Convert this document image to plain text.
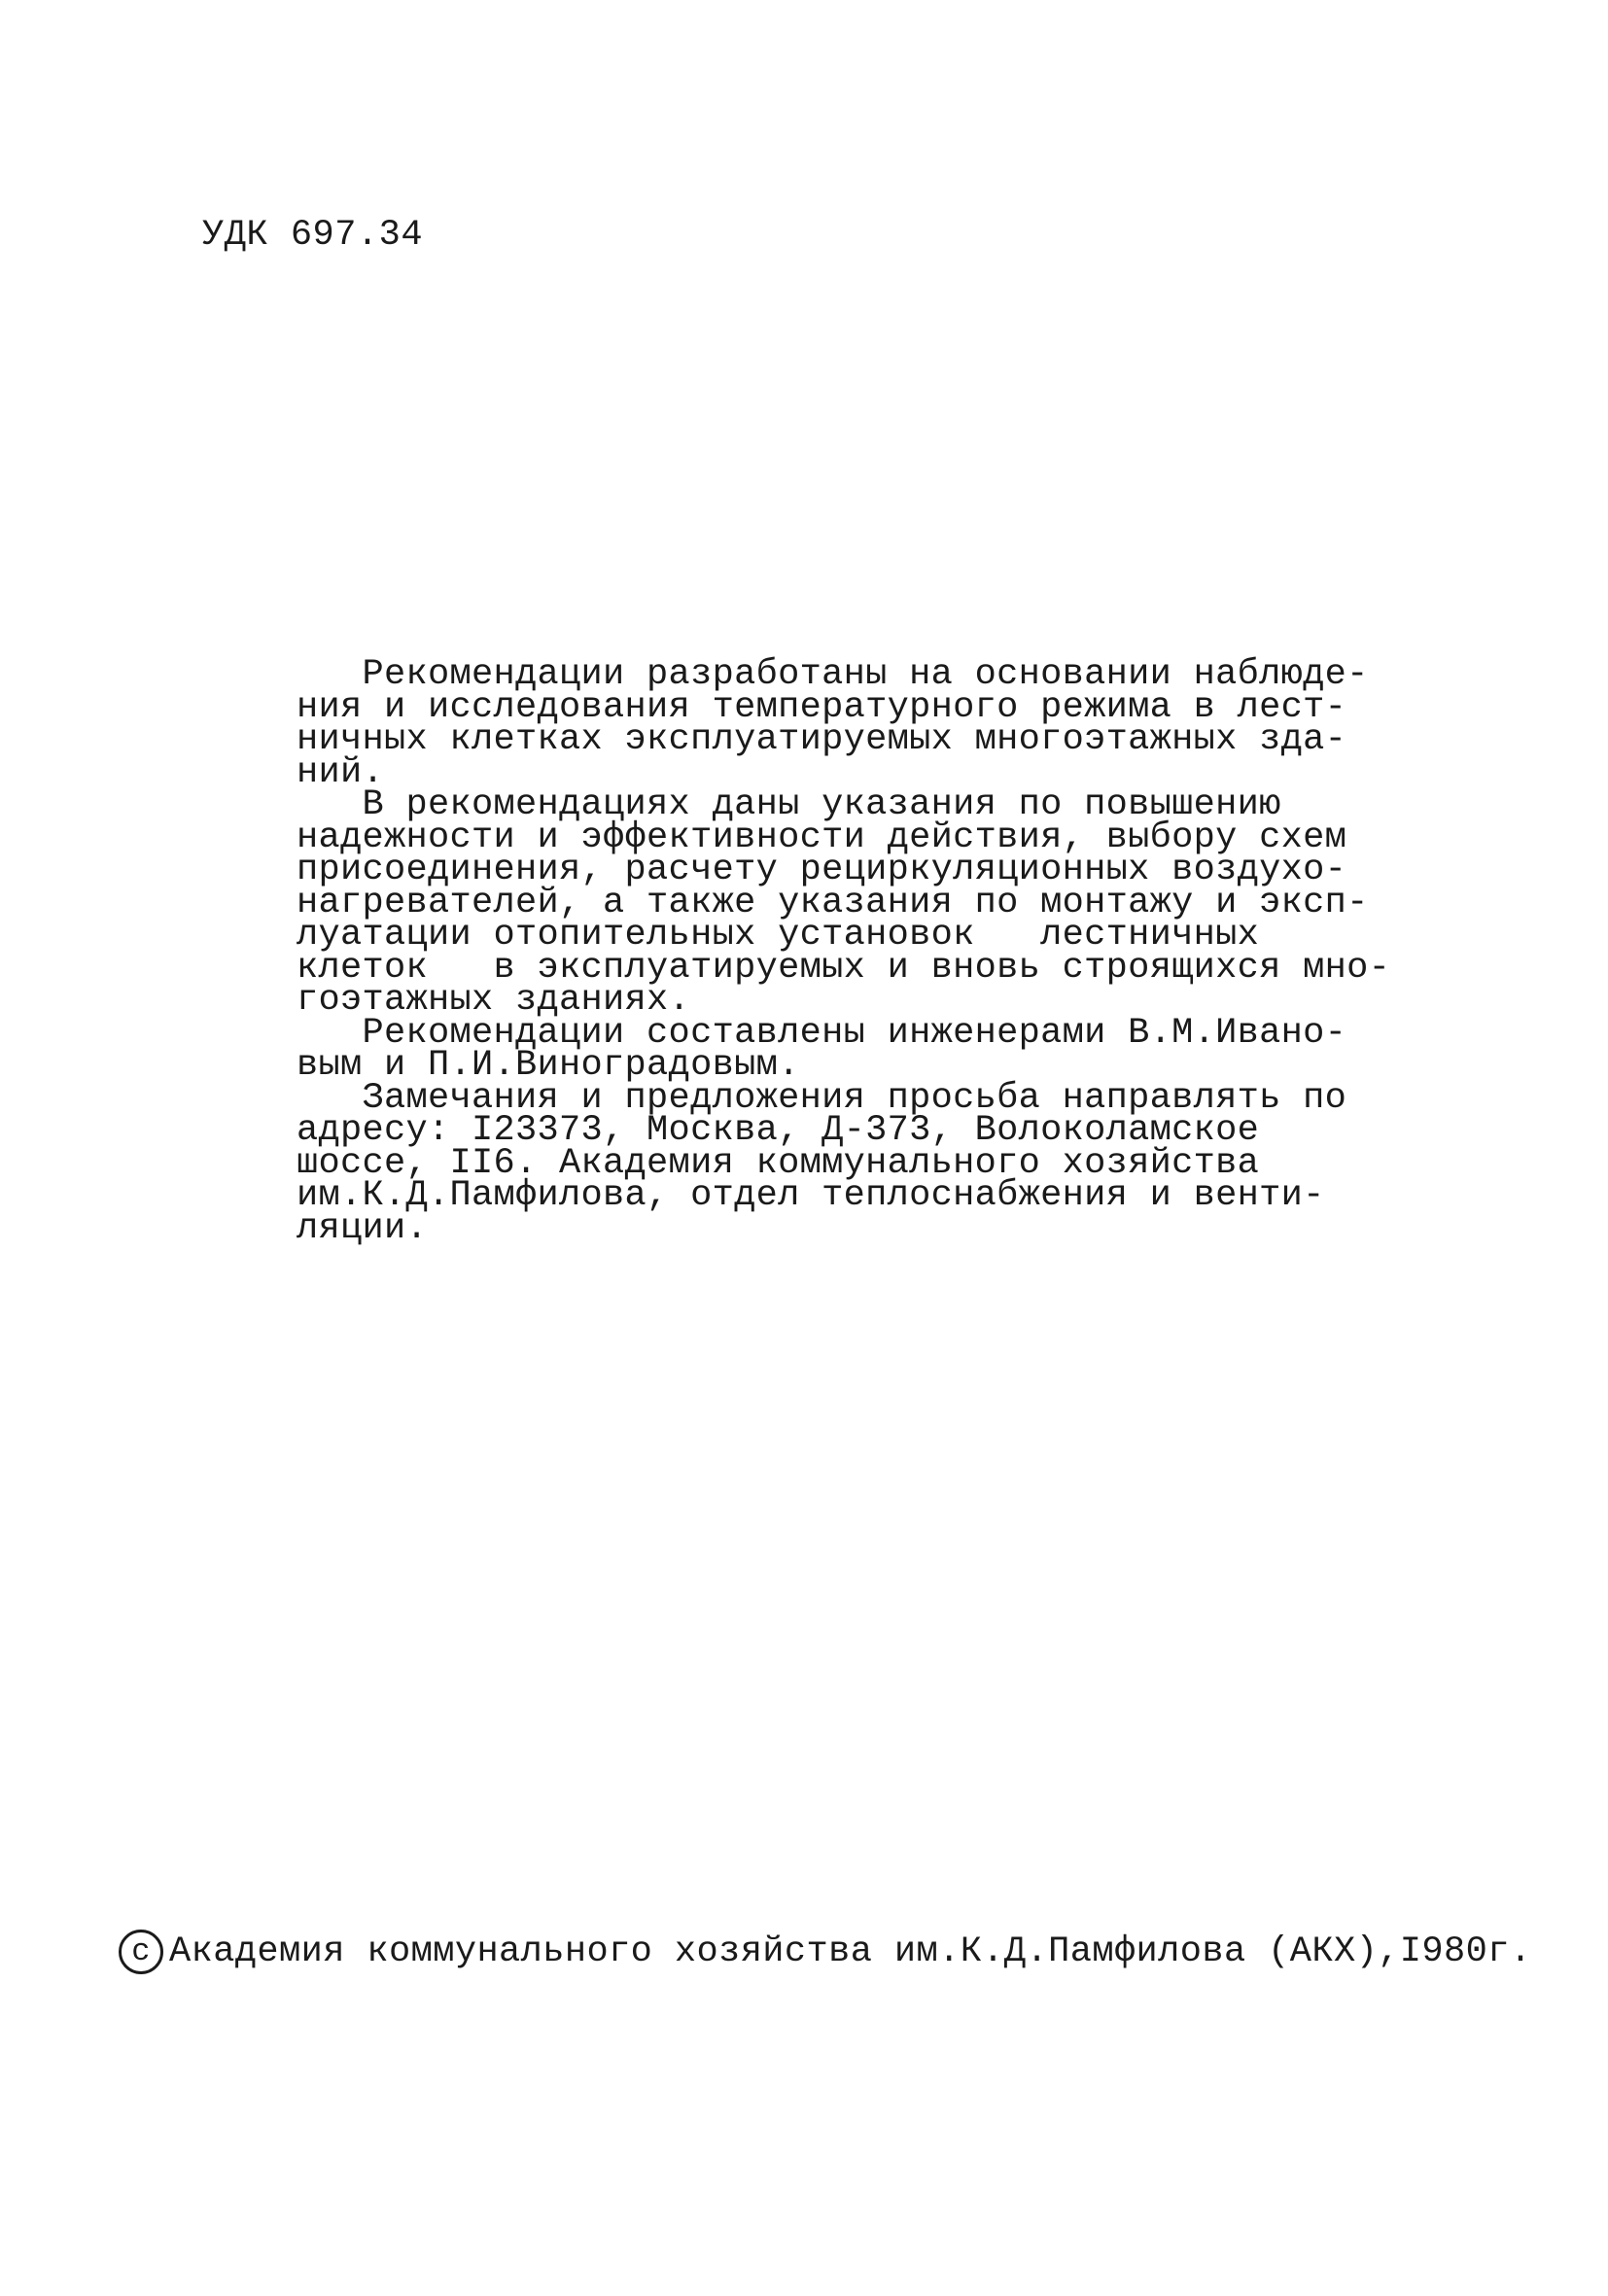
УДК 697.34
Рекомендации разработаны на основании наблюде-
ния и исследования температурного режима в лест-
ничных клетках эксплуатируемых многоэтажных зда-
ний.
В рекомендациях даны указания по повышению
надежности и эффективности действия, выбору схем
присоединения, расчету рециркуляционных воздухо-
нагревателей, а также указания по монтажу и эксп-
луатации отопительных установок   лестничных
клеток   в эксплуатируемых и вновь строящихся мно-
гоэтажных зданиях.
Рекомендации составлены инженерами В.М.Ивано-
вым и П.И.Виноградовым.
Замечания и предложения просьба направлять по
адресу: I23373, Москва, Д-373, Волоколамское
шоссе, II6. Академия коммунального хозяйства
им.К.Д.Памфилова, отдел теплоснабжения и венти-
ляции.
c Академия коммунального хозяйства им.К.Д.Памфилова (АКХ),I980г.
